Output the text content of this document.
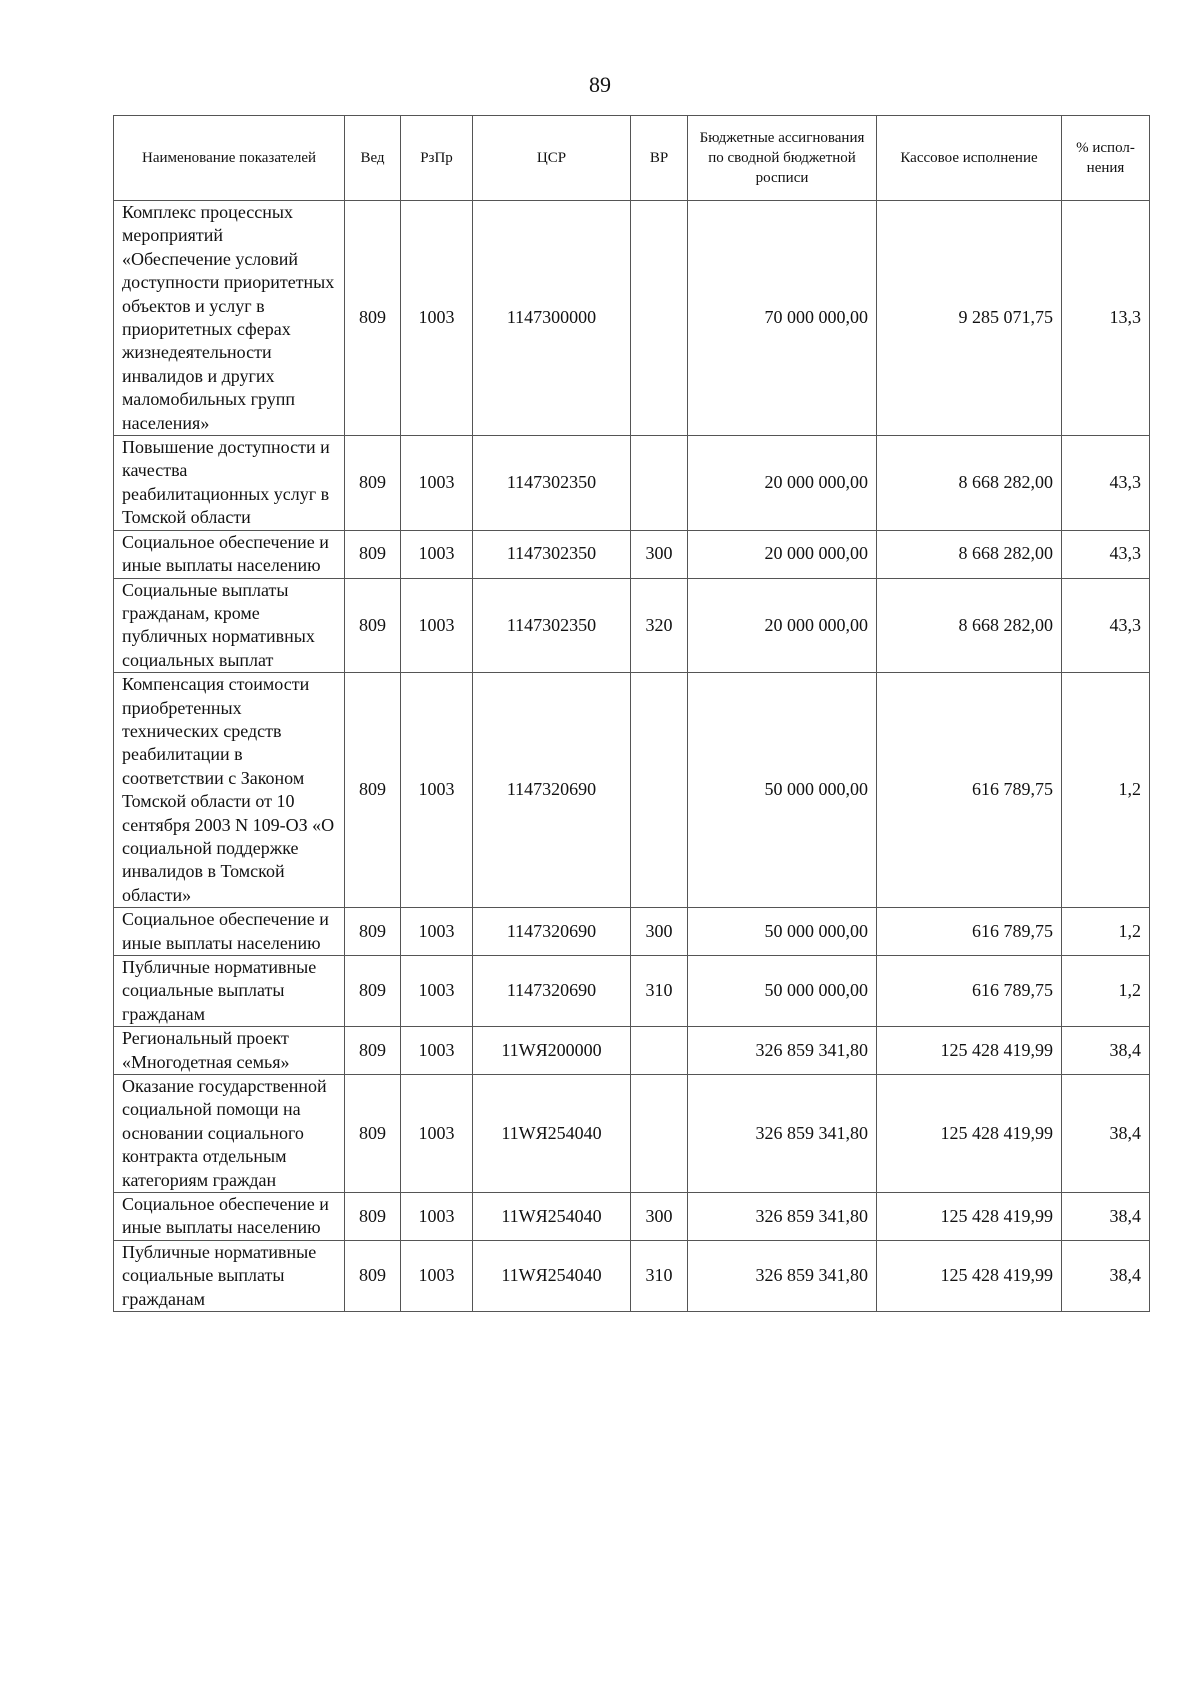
89
Наименование показателей	Вед	РзПр	ЦСР	ВР	Бюджетные ассигнования по сводной бюджетной росписи	Кассовое исполнение	% испол-нения
Комплекс процессных мероприятий «Обеспечение условий доступности приоритетных объектов и услуг в приоритетных сферах жизнедеятельности инвалидов и других маломобильных групп населения»	809	1003	1147300000		70 000 000,00	9 285 071,75	13,3
Повышение доступности и качества реабилитационных услуг в Томской области	809	1003	1147302350		20 000 000,00	8 668 282,00	43,3
Социальное обеспечение и иные выплаты населению	809	1003	1147302350	300	20 000 000,00	8 668 282,00	43,3
Социальные выплаты гражданам, кроме публичных нормативных социальных выплат	809	1003	1147302350	320	20 000 000,00	8 668 282,00	43,3
Компенсация стоимости приобретенных технических средств реабилитации в соответствии с Законом Томской области от 10 сентября 2003 N 109-ОЗ «О социальной поддержке инвалидов в Томской области»	809	1003	1147320690		50 000 000,00	616 789,75	1,2
Социальное обеспечение и иные выплаты населению	809	1003	1147320690	300	50 000 000,00	616 789,75	1,2
Публичные нормативные социальные выплаты гражданам	809	1003	1147320690	310	50 000 000,00	616 789,75	1,2
Региональный проект «Многодетная семья»	809	1003	11WЯ200000		326 859 341,80	125 428 419,99	38,4
Оказание государственной социальной помощи на основании социального контракта отдельным категориям граждан	809	1003	11WЯ254040		326 859 341,80	125 428 419,99	38,4
Социальное обеспечение и иные выплаты населению	809	1003	11WЯ254040	300	326 859 341,80	125 428 419,99	38,4
Публичные нормативные социальные выплаты гражданам	809	1003	11WЯ254040	310	326 859 341,80	125 428 419,99	38,4
